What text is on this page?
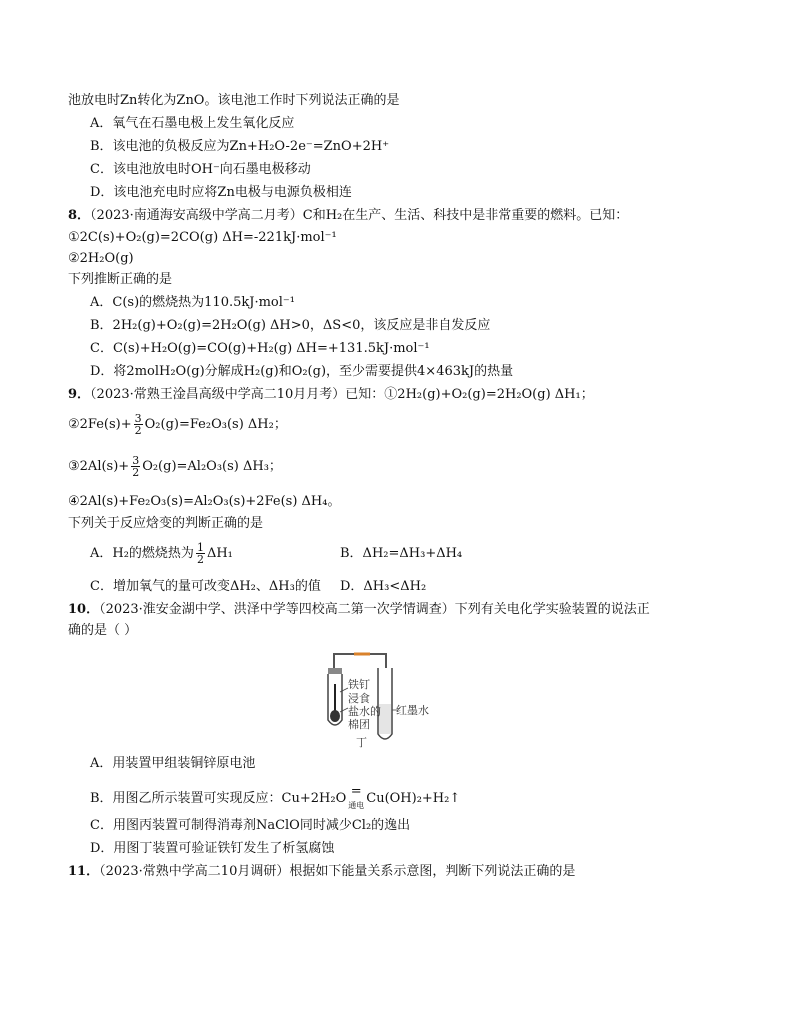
池放电时Zn转化为ZnO。该电池工作时下列说法正确的是
A．氧气在石墨电极上发生氧化反应
B．该电池的负极反应为Zn+H₂O-2e⁻=ZnO+2H⁺
C．该电池放电时OH⁻向石墨电极移动
D．该电池充电时应将Zn电极与电源负极相连
8．（2023·南通海安高级中学高二月考）C和H₂在生产、生活、科技中是非常重要的燃料。已知：
①2C(s)+O₂(g)=2CO(g) ΔH=-221kJ·mol⁻¹
②2H₂O(g)
下列推断正确的是
A．C(s)的燃烧热为110.5kJ·mol⁻¹
B．2H₂(g)+O₂(g)=2H₂O(g) ΔH>0，ΔS<0，该反应是非自发反应
C．C(s)+H₂O(g)=CO(g)+H₂(g) ΔH=+131.5kJ·mol⁻¹
D．将2molH₂O(g)分解成H₂(g)和O₂(g)，至少需要提供4×463kJ的热量
9．（2023·常熟王淦昌高级中学高二10月月考）已知：①2H₂(g)+O₂(g)=2H₂O(g) ΔH₁；
②2Fe(s)+ $\frac{3}{2} O_2(g)=Fe_2O_3(s)$ ΔH₂；
③2Al(s)+ $\frac{3}{2} O_2(g)=Al_2O_3(s)$ ΔH₃；
④2Al(s)+Fe₂O₃(s)=Al₂O₃(s)+2Fe(s) ΔH₄。
下列关于反应焓变的判断正确的是
A．H₂的燃烧热为 $\frac{1}{2} \Delta H_1$	B．ΔH₂=ΔH₃+ΔH₄
C．增加氧气的量可改变ΔH₂、ΔH₃的值 D．ΔH₃<ΔH₂
10．（2023·淮安金湖中学、洪泽中学等四校高二第一次学情调查）下列有关电化学实验装置的说法正
确的是（ ）
铁钉
浸食
盐水的
棉团
红墨水
丁
A．用装置甲组装铜锌原电池
B．用图乙所示装置可实现反应：Cu+2H₂O =
通电 Cu(OH)₂+H₂↑
C．用图丙装置可制得消毒剂NaClO同时减少Cl₂的逸出
D．用图丁装置可验证铁钉发生了析氢腐蚀
11．（2023·常熟中学高二10月调研）根据如下能量关系示意图，判断下列说法正确的是
